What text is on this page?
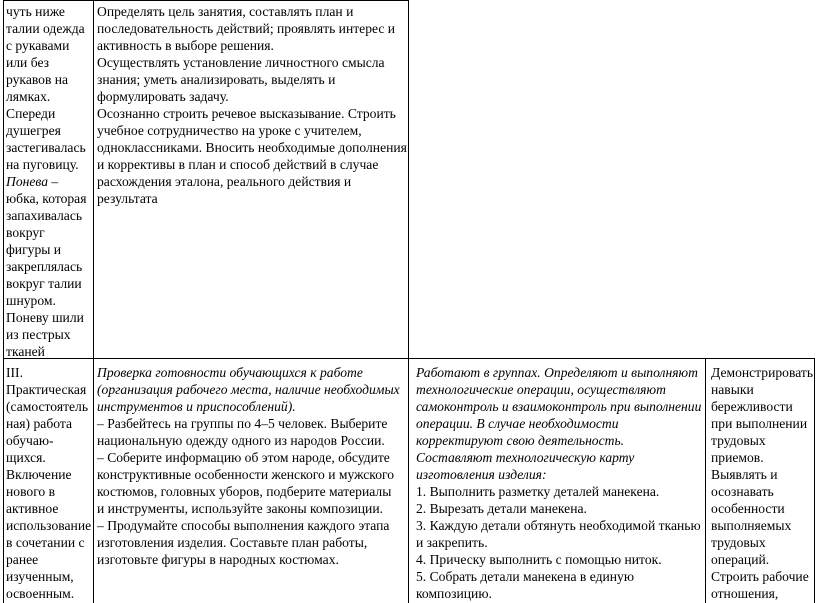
чуть ниже

талии одежда

с рукавами

или без

рукавов на

лямках.

Спереди

душегрея

застегивалась

на пуговицу.

Понева –

юбка, которая

запахивалась

вокруг

фигуры и

закреплялась

вокруг талии

шнуром.

Поневу шили

из пестрых

тканей

Определять цель занятия, составлять план и

последовательность действий; проявлять интерес и

активность в выборе решения.

Осуществлять установление личностного смысла

знания; уметь анализировать, выделять и

формулировать задачу.

Осознанно строить речевое высказывание. Строить

учебное сотрудничество на уроке с учителем,

одноклассниками. Вносить необходимые дополнения

и коррективы в план и способ действий в случае

расхождения эталона, реального действия и

результата

III.

Практическая

(самостоятель

ная) работа

обучаю-

щихся.

Включение

нового в

активное

использование

в сочетании с

ранее

изученным,

освоенным.

Проверка готовности обучающихся к работе

(организация рабочего места, наличие необходимых

инструментов и приспособлений).

– Разбейтесь на группы по 4–5 человек. Выберите

национальную одежду одного из народов России.

– Соберите информацию об этом народе, обсудите

конструктивные особенности женского и мужского

костюмов, головных уборов, подберите материалы

и инструменты, используйте законы композиции.

– Продумайте способы выполнения каждого этапа

изготовления изделия. Составьте план работы,

изготовьте фигуры в народных костюмах.

Работают в группах. Определяют и выполняют

технологические операции, осуществляют

самоконтроль и взаимоконтроль при выполнении

операции. В случае необходимости

корректируют свою деятельность.

Составляют технологическую карту

изготовления изделия:

1. Выполнить разметку деталей манекена.

2. Вырезать детали манекена.

3. Каждую детали обтянуть необходимой тканью

и закрепить.

4. Прическу выполнить с помощью ниток.

5. Собрать детали манекена в единую

композицию.

Демонстрировать

навыки

бережливости

при выполнении

трудовых

приемов.

Выявлять и

осознавать

особенности

выполняемых

трудовых

операций.

Строить рабочие

отношения,
